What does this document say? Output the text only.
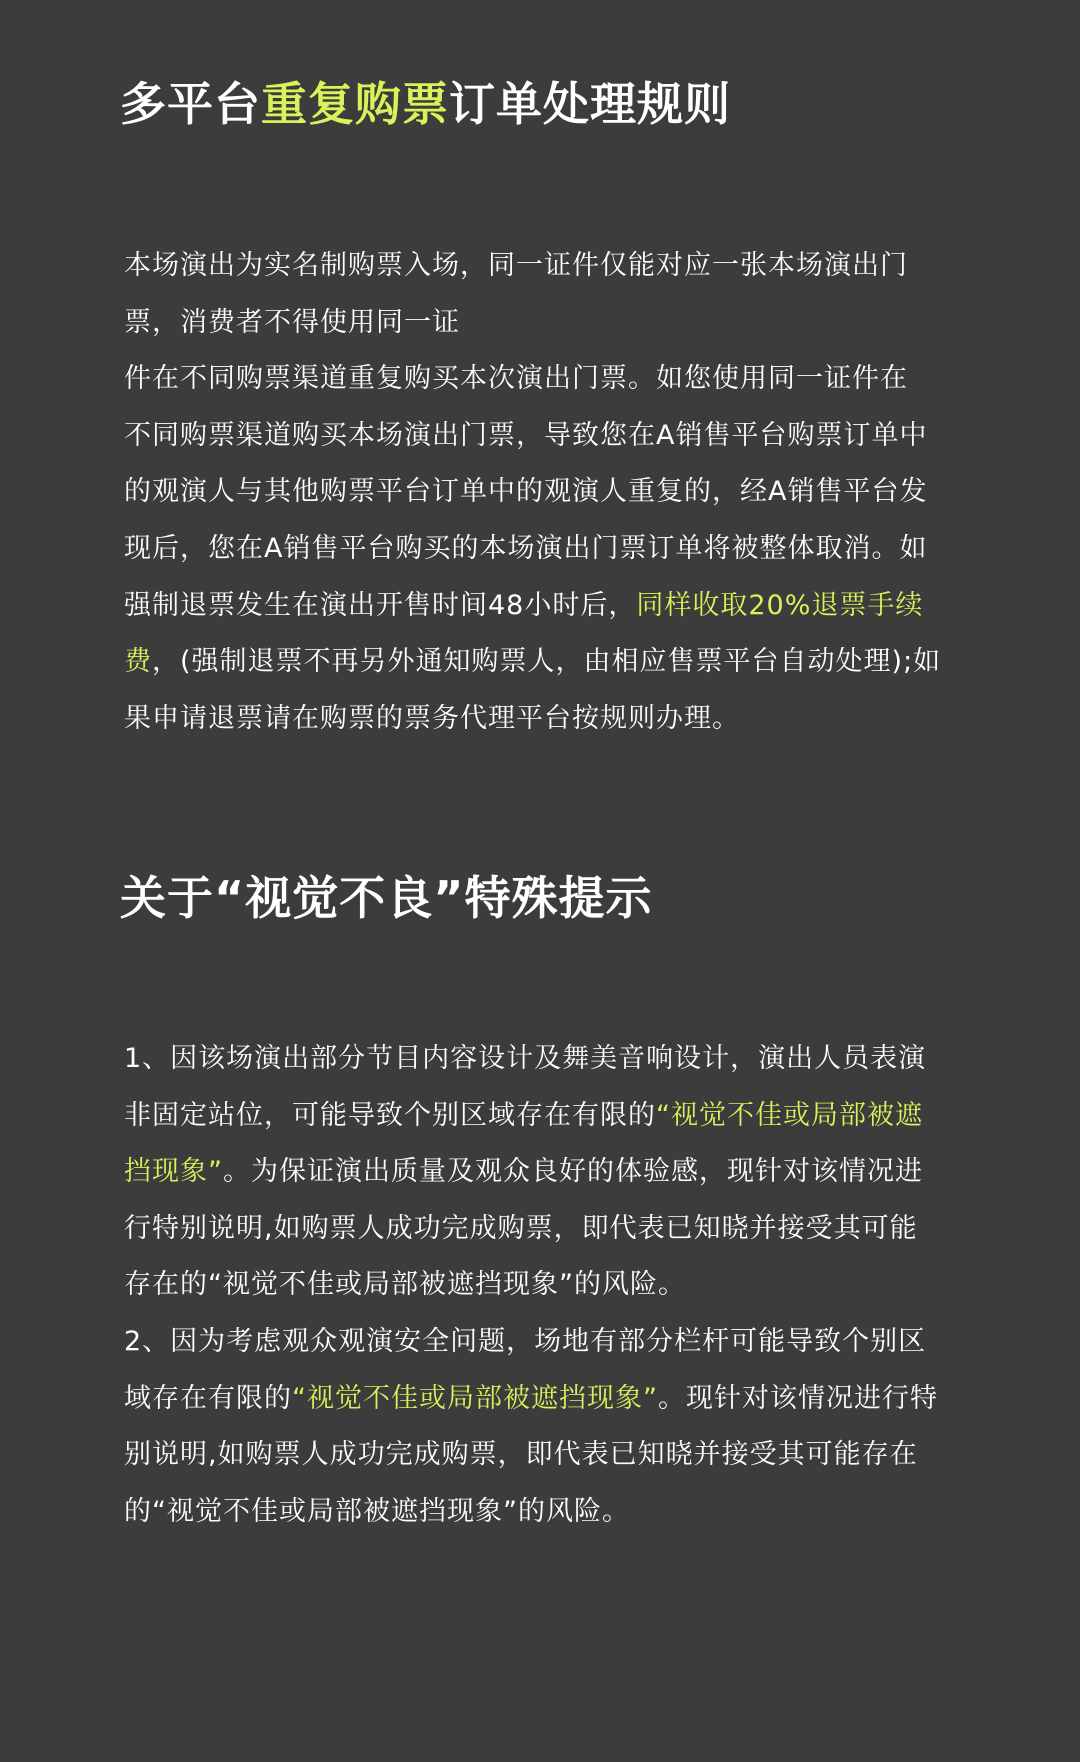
多平台重复购票订单处理规则
本场演出为实名制购票入场，同一证件仅能对应一张本场演出门
票，消费者不得使用同一证
件在不同购票渠道重复购买本次演出门票。如您使用同一证件在
不同购票渠道购买本场演出门票，导致您在A销售平台购票订单中
的观演人与其他购票平台订单中的观演人重复的，经A销售平台发
现后，您在A销售平台购买的本场演出门票订单将被整体取消。如
强制退票发生在演出开售时间48小时后，同样收取20%退票手续
费，(强制退票不再另外通知购票人，由相应售票平台自动处理);如
果申请退票请在购票的票务代理平台按规则办理。
关于“视觉不良”特殊提示
1、因该场演出部分节目内容设计及舞美音响设计，演出人员表演
非固定站位，可能导致个别区域存在有限的“视觉不佳或局部被遮
挡现象”。为保证演出质量及观众良好的体验感，现针对该情况进
行特别说明,如购票人成功完成购票，即代表已知晓并接受其可能
存在的“视觉不佳或局部被遮挡现象”的风险。
2、因为考虑观众观演安全问题，场地有部分栏杆可能导致个别区
域存在有限的“视觉不佳或局部被遮挡现象”。现针对该情况进行特
别说明,如购票人成功完成购票，即代表已知晓并接受其可能存在
的“视觉不佳或局部被遮挡现象”的风险。
